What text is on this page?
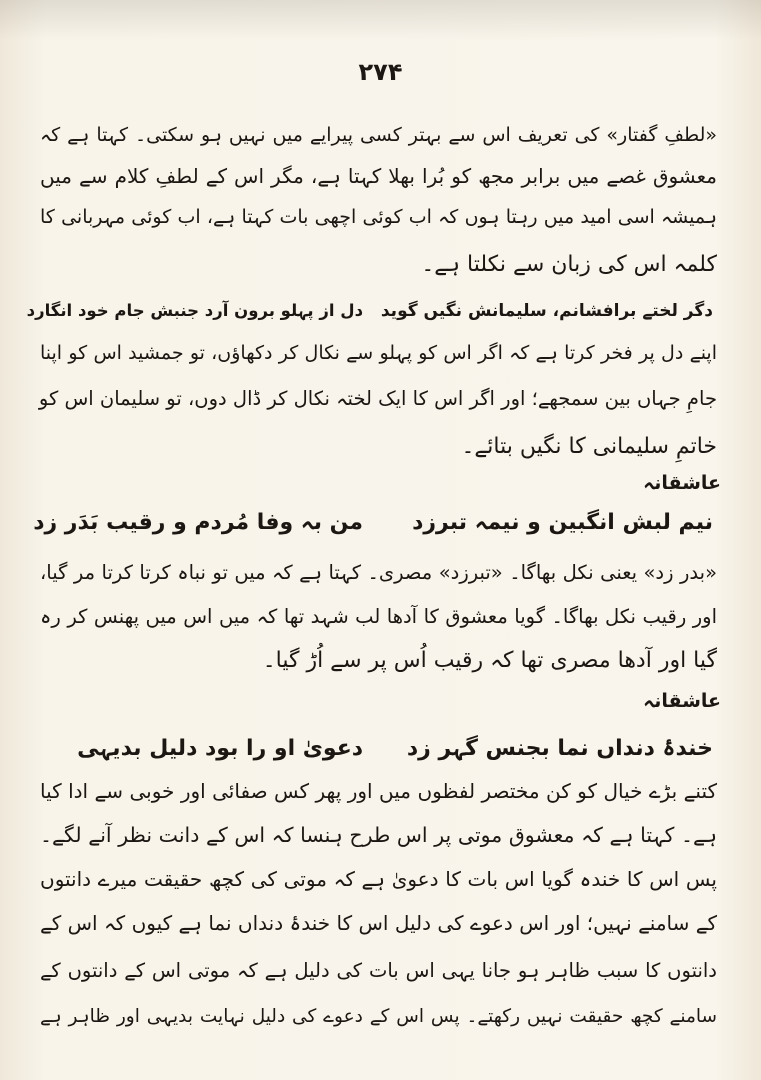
۲۷۴
«لطفِ گفتار» کی تعریف اس سے بہتر کسی پیرایے میں نہیں ہو سکتی۔ کہتا ہے کہ
معشوق غصے میں برابر مجھ کو بُرا بھلا کہتا ہے، مگر اس کے لطفِ کلام سے میں
ہمیشہ اسی امید میں رہتا ہوں کہ اب کوئی اچھی بات کہتا ہے، اب کوئی مہربانی کا
کلمہ اس کی زبان سے نکلتا ہے۔
دگر لختے برافشانم، سلیمانش نگیں گوید
دل از پہلو برون آرد جنبش جام خود انگارد
اپنے دل پر فخر کرتا ہے کہ اگر اس کو پہلو سے نکال کر دکھاؤں، تو جمشید اس کو اپنا
جامِ جہاں بین سمجھے؛ اور اگر اس کا ایک لختہ نکال کر ڈال دوں، تو سلیمان اس کو
خاتمِ سلیمانی کا نگیں بتائے۔
عاشقانہ
نیم لبش انگبین و نیمہ تبرزد
من بہ وفا مُردم و رقیب بَدَر زد
«بدر زد» یعنی نکل بھاگا۔ «تبرزد» مصری۔ کہتا ہے کہ میں تو نباہ کرتا کرتا مر گیا،
اور رقیب نکل بھاگا۔ گویا معشوق کا آدھا لب شہد تھا کہ میں اس میں پھنس کر رہ
گیا اور آدھا مصری تھا کہ رقیب اُس پر سے اُڑ گیا۔
عاشقانہ
خندۂ دنداں نما بجنس گہر زد
دعویٰ او را بود دلیل بدیہی
کتنے بڑے خیال کو کن مختصر لفظوں میں اور پھر کس صفائی اور خوبی سے ادا کیا
ہے۔ کہتا ہے کہ معشوق موتی پر اس طرح ہنسا کہ اس کے دانت نظر آنے لگے۔
پس اس کا خندہ گویا اس بات کا دعویٰ ہے کہ موتی کی کچھ حقیقت میرے دانتوں
کے سامنے نہیں؛ اور اس دعوے کی دلیل اس کا خندۂ دنداں نما ہے کیوں کہ اس کے
دانتوں کا سبب ظاہر ہو جانا یہی اس بات کی دلیل ہے کہ موتی اس کے دانتوں کے
سامنے کچھ حقیقت نہیں رکھتے۔ پس اس کے دعوے کی دلیل نہایت بدیہی اور ظاہر ہے
